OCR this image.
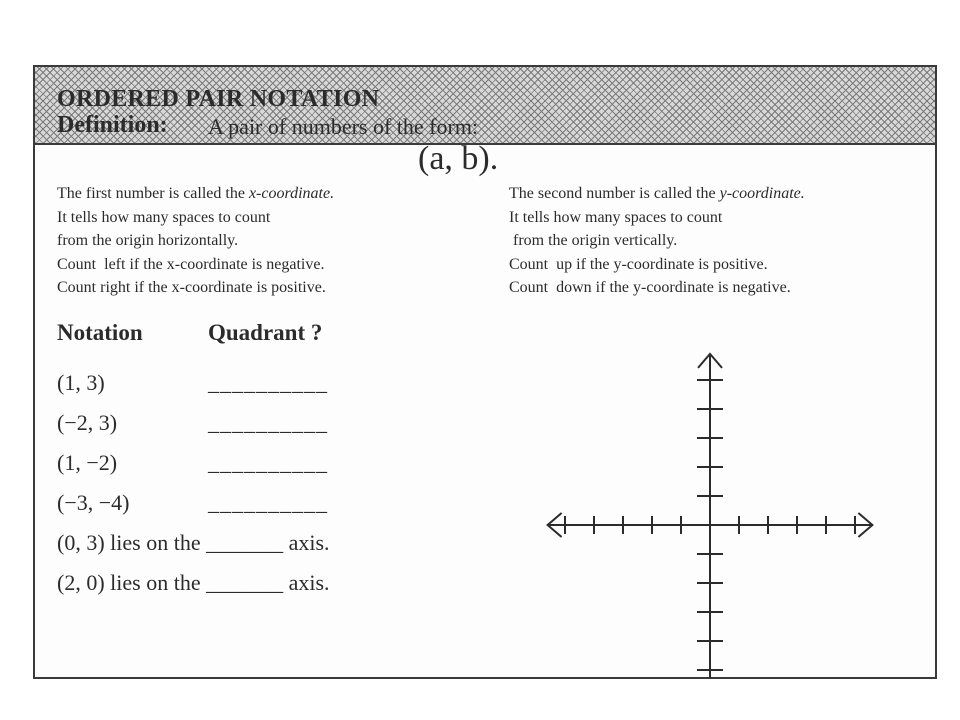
ORDERED PAIR NOTATION
Definition: A pair of numbers of the form:
(a, b).
The first number is called the x-coordinate.
It tells how many spaces to count
from the origin horizontally.
Count  left if the x-coordinate is negative.
Count right if the x-coordinate is positive.
The second number is called the y-coordinate.
It tells how many spaces to count
from the origin vertically.
Count  up if the y-coordinate is positive.
Count  down if the y-coordinate is negative.
Notation	Quadrant ?
(1, 3)	__________
(−2, 3)	__________
(1, −2)	__________
(−3, −4)	__________
(0, 3) lies on the _______ axis.
(2, 0) lies on the _______ axis.
